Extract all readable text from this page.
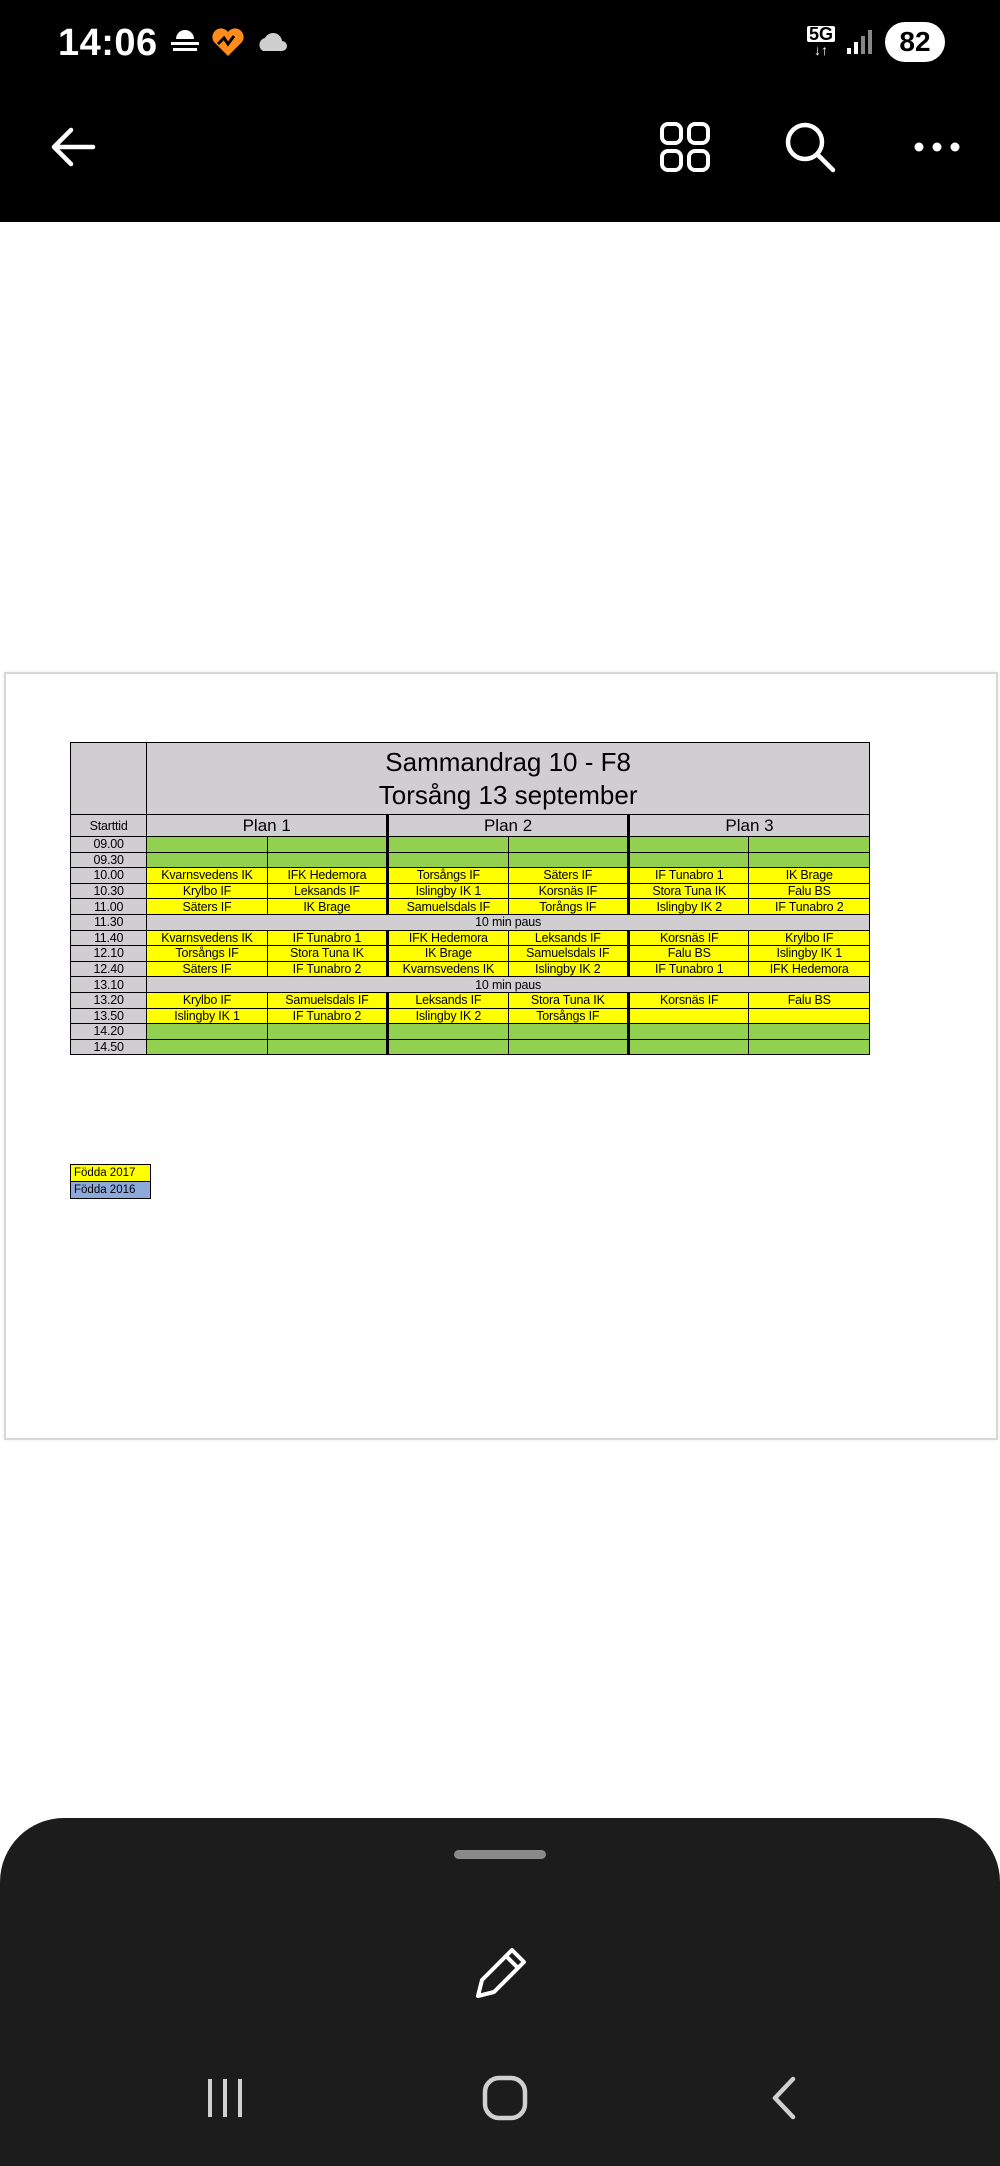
14:06	5G
↓↑	82

	Sammandrag 10 - F8
Torsång 13 september					

Starttid	Plan 1		Plan 2		Plan 3	
09.00						
09.30						
10.00	Kvarnsvedens IK	IFK Hedemora	Torsångs IF	Säters IF	IF Tunabro 1	IK Brage
10.30	Krylbo IF	Leksands IF	Islingby IK 1	Korsnäs IF	Stora Tuna IK	Falu BS
11.00	Säters IF	IK Brage	Samuelsdals IF	Torångs IF	Islingby IK 2	IF Tunabro 2
11.30	10 min paus					
11.40	Kvarnsvedens IK	IF Tunabro 1	IFK Hedemora	Leksands IF	Korsnäs IF	Krylbo IF
12.10	Torsångs IF	Stora Tuna IK	IK Brage	Samuelsdals IF	Falu BS	Islingby IK 1
12.40	Säters IF	IF Tunabro 2	Kvarnsvedens IK	Islingby IK 2	IF Tunabro 1	IFK Hedemora
13.10	10 min paus					
13.20	Krylbo IF	Samuelsdals IF	Leksands IF	Stora Tuna IK	Korsnäs IF	Falu BS
13.50	Islingby IK 1	IF Tunabro 2	Islingby IK 2	Torsångs IF		
14.20						
14.50						
Födda 2017
Födda 2016
